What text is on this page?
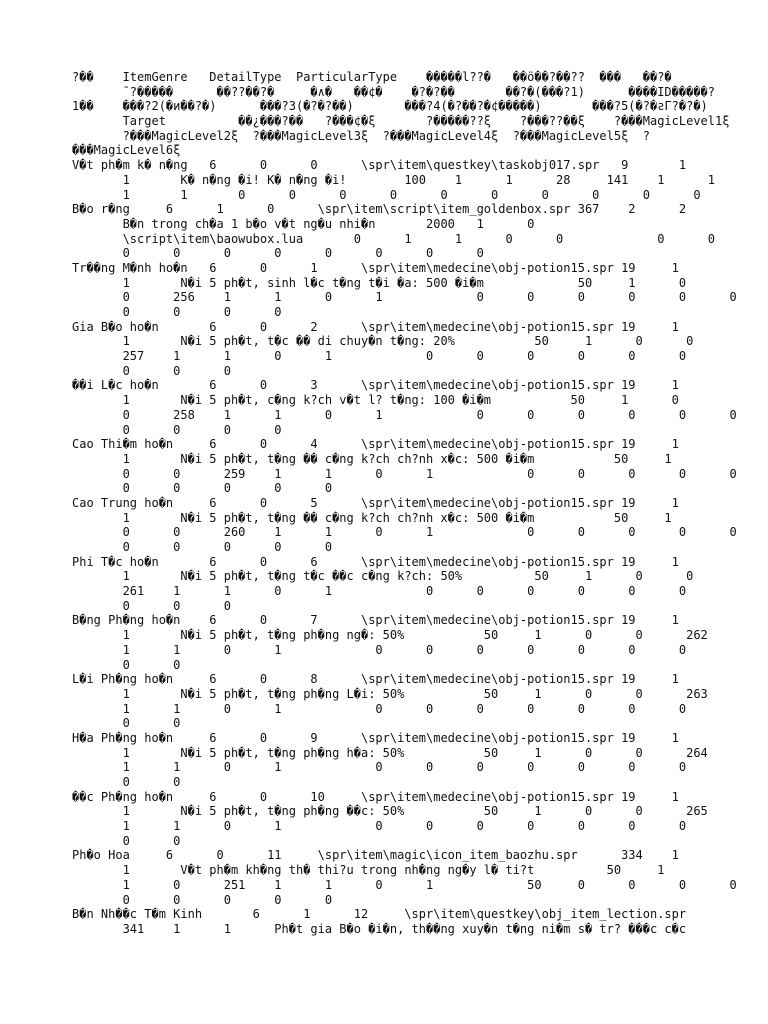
?��    ItemGenre   DetailType  ParticularType    �����l??�   ��ö��?��??  ���   ��?�
¯?�����      ��??��?�     �∧�   ��¢�    �?�?��       ��?�(���?1)      ����ID�����?
1��    ���?2(�и��?�)      ���?3(�?�?��)       ���?4(�?��?�¢�����)       ���?5(�?�ƨΓ?�?�)
Target          ��¿���?��   ?���¢�ξ       ?�����??ξ    ?���??��ξ    ?���MagicLevel1ξ
?���MagicLevel2ξ  ?���MagicLevel3ξ  ?���MagicLevel4ξ  ?���MagicLevel5ξ  ?
���MagicLevel6ξ
V�t ph�m k� n�ng   6      0      0      \spr\item\questkey\taskobj017.spr   9       1
1       K� n�ng �i! K� n�ng �i!        100    1      1      28     141    1      1
1       1       0      0      0      0      0      0      0      0      0      0
B�o r�ng     6      1      0      \spr\item\script\item_goldenbox.spr 367    2      2
B�n trong ch�a 1 b�o v�t ng�u nhi�n       2000   1      0
\script\item\baowubox.lua       0      1      1      0      0             0      0
0      0      0      0      0      0      0      0
Tr��ng M�nh ho�n   6      0      1      \spr\item\medecine\obj-potion15.spr 19     1
1       N�i 5 ph�t, sinh l�c t�ng t�i �a: 500 �i�m             50     1      0
0      256    1      1      0      1             0      0      0      0      0      0
0      0      0      0
Gia B�o ho�n       6      0      2      \spr\item\medecine\obj-potion15.spr 19     1
1       N�i 5 ph�t, t�c �� di chuy�n t�ng: 20%           50     1      0      0
257    1      1      0      1             0      0      0      0      0      0
0      0      0
��i L�c ho�n       6      0      3      \spr\item\medecine\obj-potion15.spr 19     1
1       N�i 5 ph�t, c�ng k?ch v�t l? t�ng: 100 �i�m           50     1      0
0      258    1      1      0      1             0      0      0      0      0      0
0      0      0      0
Cao Thi�m ho�n     6      0      4      \spr\item\medecine\obj-potion15.spr 19     1
1       N�i 5 ph�t, t�ng �� c�ng k?ch ch?nh x�c: 500 �i�m           50     1
0      0      259    1      1      0      1             0      0      0      0      0
0      0      0      0      0
Cao Trung ho�n     6      0      5      \spr\item\medecine\obj-potion15.spr 19     1
1       N�i 5 ph�t, t�ng �� c�ng k?ch ch?nh x�c: 500 �i�m           50     1
0      0      260    1      1      0      1             0      0      0      0      0
0      0      0      0      0
Phi T�c ho�n       6      0      6      \spr\item\medecine\obj-potion15.spr 19     1
1       N�i 5 ph�t, t�ng t�c ��c c�ng k?ch: 50%          50     1      0      0
261    1      1      0      1             0      0      0      0      0      0
0      0      0
B�ng Ph�ng ho�n    6      0      7      \spr\item\medecine\obj-potion15.spr 19     1
1       N�i 5 ph�t, t�ng ph�ng ng�: 50%           50     1      0      0      262
1      1      0      1             0      0      0      0      0      0      0
0      0
L�i Ph�ng ho�n     6      0      8      \spr\item\medecine\obj-potion15.spr 19     1
1       N�i 5 ph�t, t�ng ph�ng L�i: 50%           50     1      0      0      263
1      1      0      1             0      0      0      0      0      0      0
0      0
H�a Ph�ng ho�n     6      0      9      \spr\item\medecine\obj-potion15.spr 19     1
1       N�i 5 ph�t, t�ng ph�ng h�a: 50%           50     1      0      0      264
1      1      0      1             0      0      0      0      0      0      0
0      0
��c Ph�ng ho�n     6      0      10     \spr\item\medecine\obj-potion15.spr 19     1
1       N�i 5 ph�t, t�ng ph�ng ��c: 50%           50     1      0      0      265
1      1      0      1             0      0      0      0      0      0      0
0      0
Ph�o Hoa     6      0      11     \spr\item\magic\icon_item_baozhu.spr      334    1
1       V�t ph�m kh�ng th� thi?u trong nh�ng ng�y l� ti?t          50     1
1      0      251    1      1      0      1             50     0      0      0      0
0      0      0      0      0
B�n Nh��c T�m Kinh       6      1      12     \spr\item\questkey\obj_item_lection.spr
341    1      1      Ph�t gia B�o �i�n, th��ng xuy�n t�ng ni�m s� tr? ���c c�c
